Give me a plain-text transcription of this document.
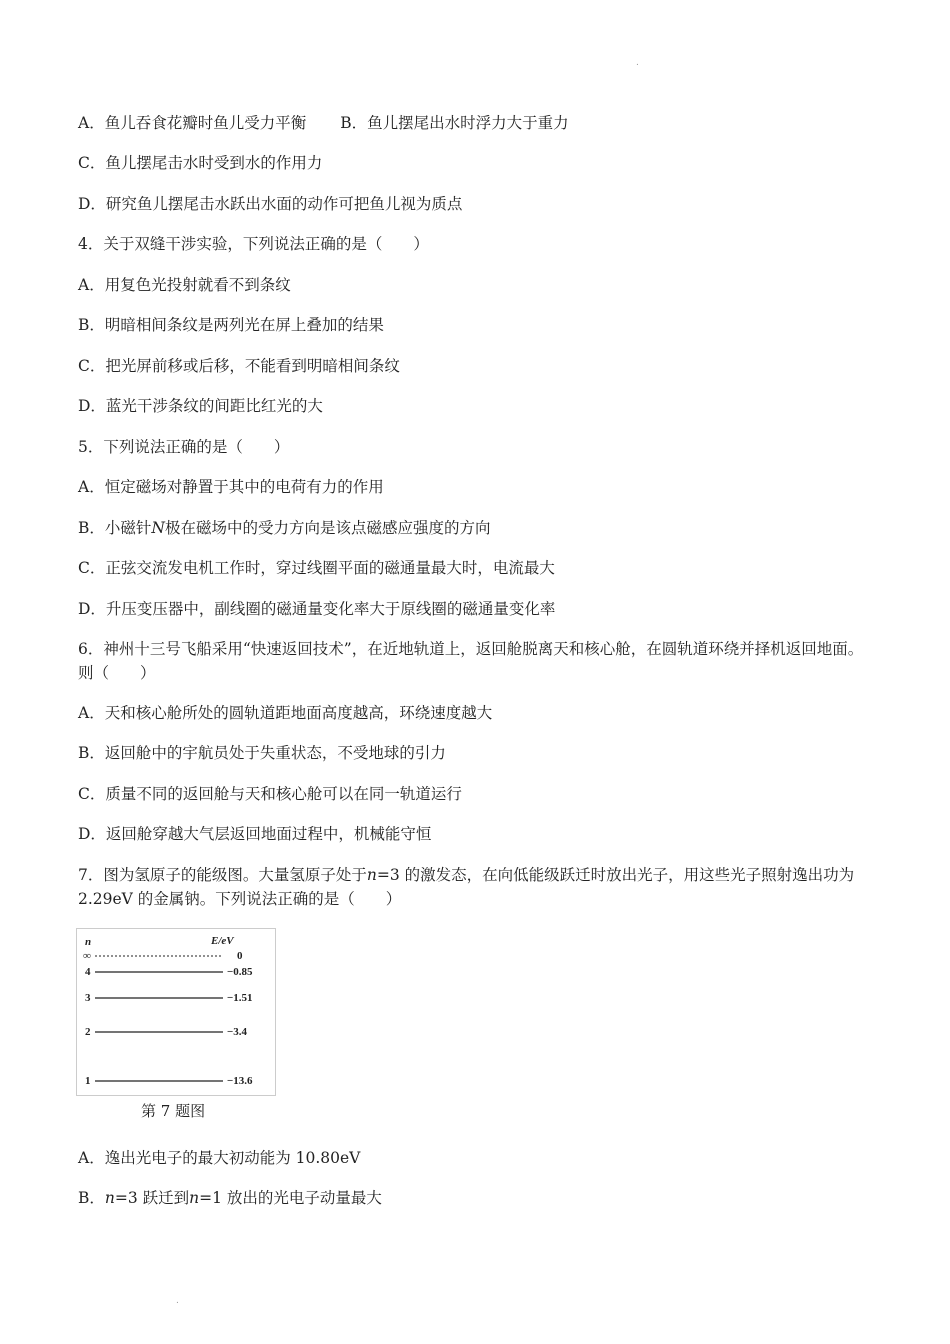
.
A．鱼儿吞食花瓣时鱼儿受力平衡 B．鱼儿摆尾出水时浮力大于重力
C．鱼儿摆尾击水时受到水的作用力
D．研究鱼儿摆尾击水跃出水面的动作可把鱼儿视为质点
4．关于双缝干涉实验，下列说法正确的是（　　）
A．用复色光投射就看不到条纹
B．明暗相间条纹是两列光在屏上叠加的结果
C．把光屏前移或后移，不能看到明暗相间条纹
D．蓝光干涉条纹的间距比红光的大
5．下列说法正确的是（　　）
A．恒定磁场对静置于其中的电荷有力的作用
B．小磁针N极在磁场中的受力方向是该点磁感应强度的方向
C．正弦交流发电机工作时，穿过线圈平面的磁通量最大时，电流最大
D．升压变压器中，副线圈的磁通量变化率大于原线圈的磁通量变化率
6．神州十三号飞船采用“快速返回技术”，在近地轨道上，返回舱脱离天和核心舱，在圆轨道环绕并择机返回地面。则（　　）
A．天和核心舱所处的圆轨道距地面高度越高，环绕速度越大
B．返回舱中的宇航员处于失重状态，不受地球的引力
C．质量不同的返回舱与天和核心舱可以在同一轨道运行
D．返回舱穿越大气层返回地面过程中，机械能守恒
7．图为氢原子的能级图。大量氢原子处于n=3 的激发态，在向低能级跃迁时放出光子，用这些光子照射逸出功为 2.29eV 的金属钠。下列说法正确的是（　　）
n	E/eV
∞	0
4	−0.85
3	−1.51
2	−3.4
1	−13.6
第 7 题图
A．逸出光电子的最大初动能为 10.80eV
B．n=3 跃迁到n=1 放出的光电子动量最大
.
